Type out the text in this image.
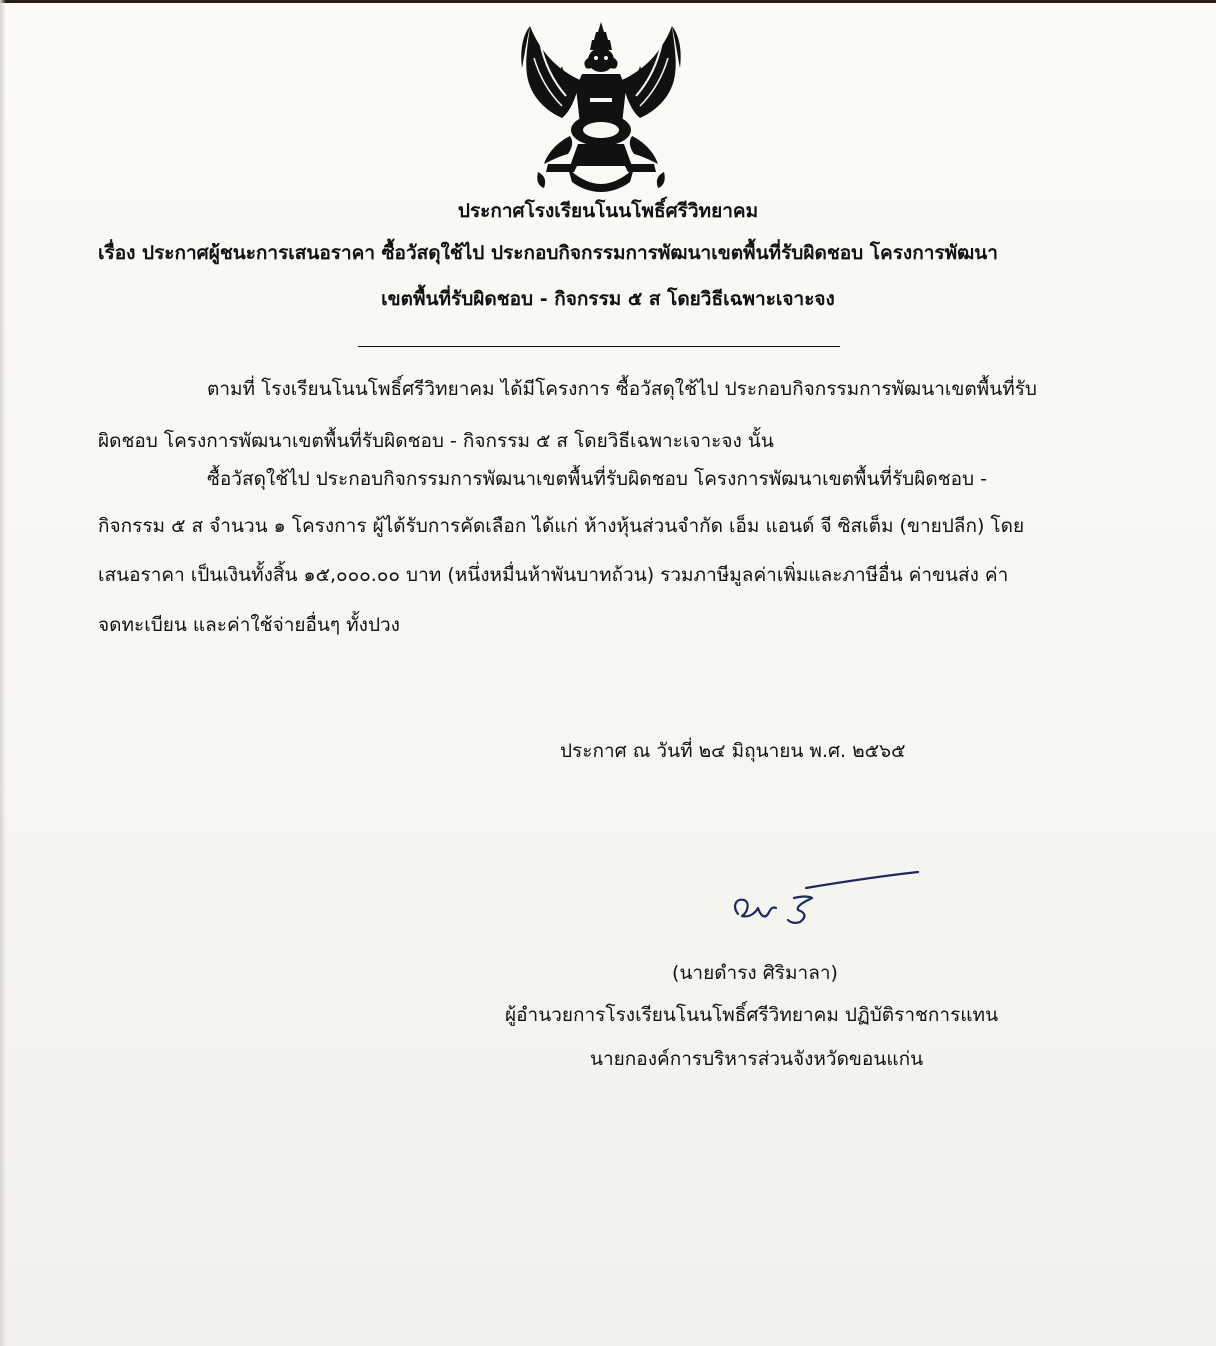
ประกาศโรงเรียนโนนโพธิ์ศรีวิทยาคม
เรื่อง ประกาศผู้ชนะการเสนอราคา ซื้อวัสดุใช้ไป ประกอบกิจกรรมการพัฒนาเขตพื้นที่รับผิดชอบ โครงการพัฒนา
เขตพื้นที่รับผิดชอบ - กิจกรรม ๕ ส โดยวิธีเฉพาะเจาะจง
ตามที่ โรงเรียนโนนโพธิ์ศรีวิทยาคม ได้มีโครงการ ซื้อวัสดุใช้ไป ประกอบกิจกรรมการพัฒนาเขตพื้นที่รับ
ผิดชอบ โครงการพัฒนาเขตพื้นที่รับผิดชอบ - กิจกรรม ๕ ส โดยวิธีเฉพาะเจาะจง นั้น
ซื้อวัสดุใช้ไป ประกอบกิจกรรมการพัฒนาเขตพื้นที่รับผิดชอบ โครงการพัฒนาเขตพื้นที่รับผิดชอบ -
กิจกรรม ๕ ส จำนวน ๑ โครงการ ผู้ได้รับการคัดเลือก ได้แก่ ห้างหุ้นส่วนจำกัด เอ็ม แอนด์ จี ซิสเต็ม (ขายปลีก) โดย
เสนอราคา เป็นเงินทั้งสิ้น ๑๕,๐๐๐.๐๐ บาท (หนึ่งหมื่นห้าพันบาทถ้วน) รวมภาษีมูลค่าเพิ่มและภาษีอื่น ค่าขนส่ง ค่า
จดทะเบียน และค่าใช้จ่ายอื่นๆ ทั้งปวง
ประกาศ ณ วันที่ ๒๔ มิถุนายน พ.ศ. ๒๕๖๕
(นายดำรง ศิริมาลา)
ผู้อำนวยการโรงเรียนโนนโพธิ์ศรีวิทยาคม ปฏิบัติราชการแทน
นายกองค์การบริหารส่วนจังหวัดขอนแก่น
